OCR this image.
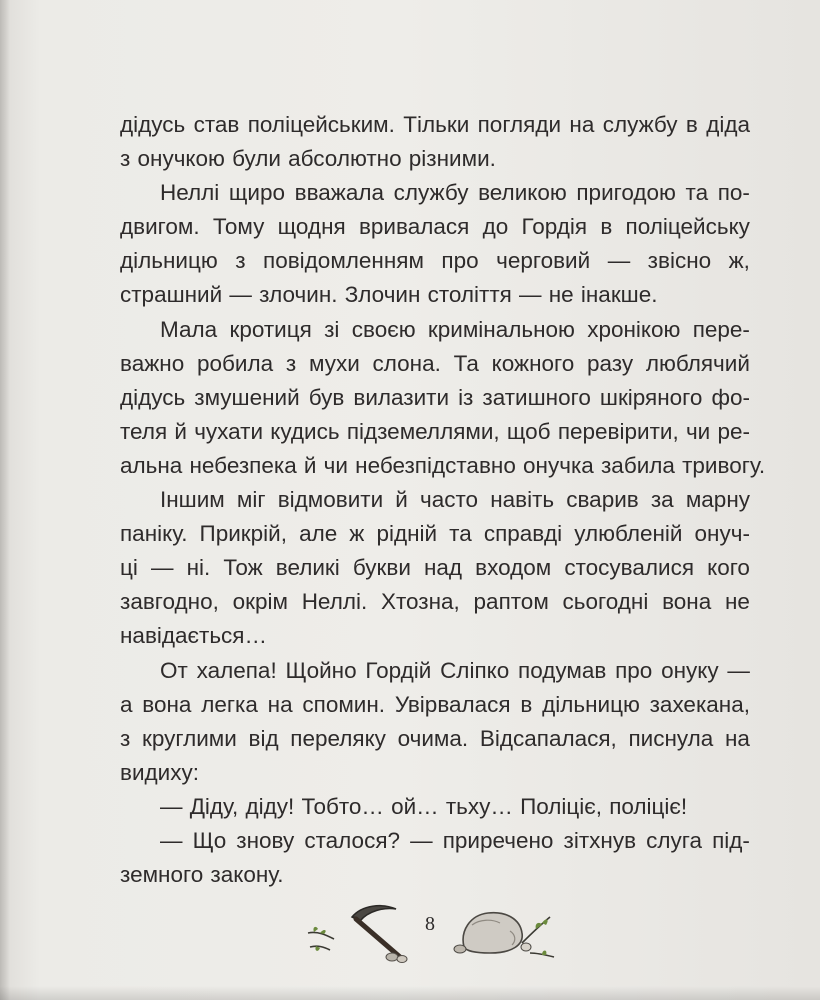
дідусь став поліцейським. Тільки погляди на службу в діда
з онучкою були абсолютно різними.
Неллі щиро вважала службу великою пригодою та по-
двигом. Тому щодня вривалася до Гордія в поліцейську
дільницю з повідомленням про черговий — звісно ж,
страшний — злочин. Злочин століття — не інакше.
Мала кротиця зі своєю кримінальною хронікою пере-
важно робила з мухи слона. Та кожного разу люблячий
дідусь змушений був вилазити із затишного шкіряного фо-
теля й чухати кудись підземеллями, щоб перевірити, чи ре-
альна небезпека й чи небезпідставно онучка забила тривогу.
Іншим міг відмовити й часто навіть сварив за марну
паніку. Прикрій, але ж рідній та справді улюбленій онуч-
ці — ні. Тож великі букви над входом стосувалися кого
завгодно, окрім Неллі. Хтозна, раптом сьогодні вона не
навідається…
От халепа! Щойно Гордій Сліпко подумав про онуку —
а вона легка на спомин. Увірвалася в дільницю захекана,
з круглими від переляку очима. Відсапалася, писнула на
видиху:
— Діду, діду! Тобто… ой… тьху… Поліціє, поліціє!
— Що знову сталося? — приречено зітхнув слуга під-
земного закону.
8
